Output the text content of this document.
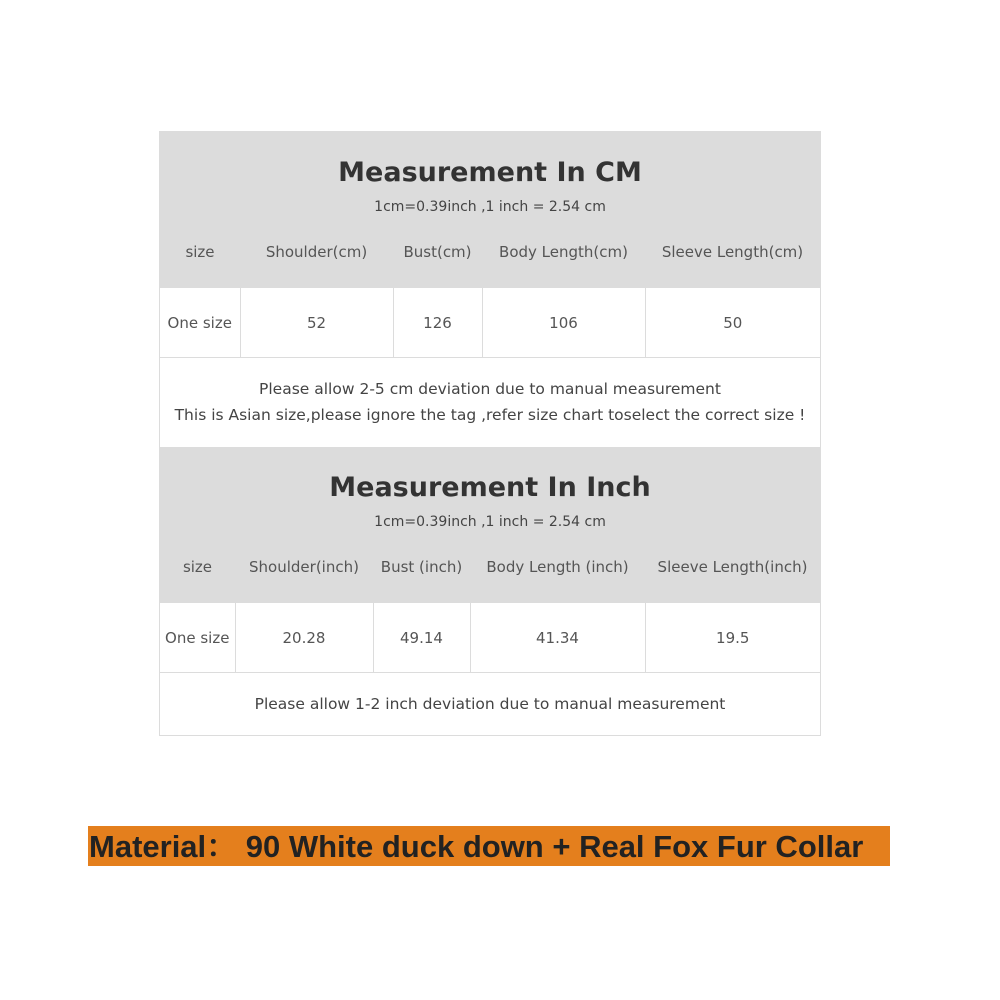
Measurement In CM
1cm=0.39inch ,1 inch = 2.54 cm
size	Shoulder(cm)	Bust(cm)	Body Length(cm)	Sleeve Length(cm)
One size	52	126	106	50
Please allow 2-5 cm deviation due to manual measurement
This is Asian size,please ignore the tag ,refer size chart toselect the correct size !
Measurement In Inch
1cm=0.39inch ,1 inch = 2.54 cm
size	Shoulder(inch)	Bust (inch)	Body Length (inch)	Sleeve Length(inch)
One size	20.28	49.14	41.34	19.5
Please allow 1-2 inch deviation due to manual measurement
Material： 90 White duck down + Real Fox Fur Collar
